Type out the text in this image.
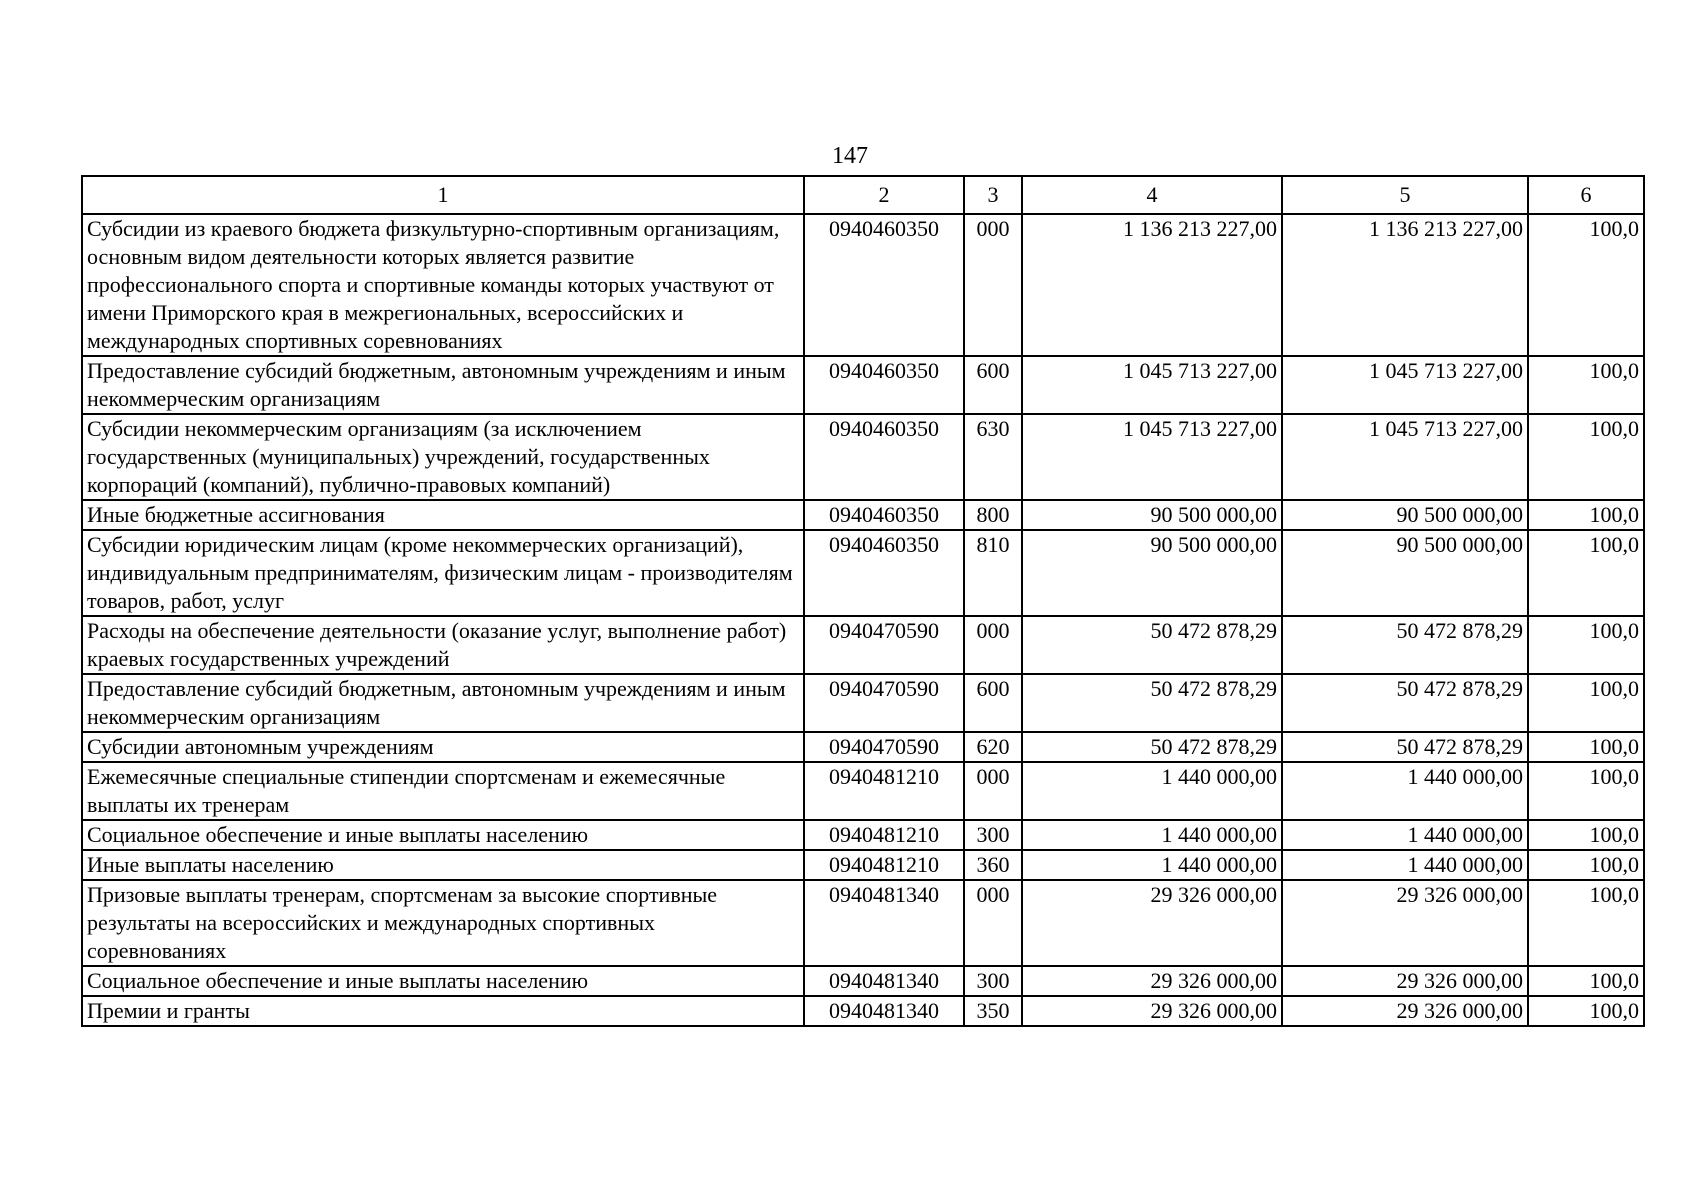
147
1	2	3	4	5	6
Субсидии из краевого бюджета физкультурно-спортивным организациям, основным видом деятельности которых является развитие профессионального спорта и спортивные команды которых участвуют от имени Приморского края в межрегиональных, всероссийских и международных спортивных соревнованиях	0940460350	000	1 136 213 227,00	1 136 213 227,00	100,0
Предоставление субсидий бюджетным, автономным учреждениям и иным некоммерческим организациям	0940460350	600	1 045 713 227,00	1 045 713 227,00	100,0
Субсидии некоммерческим организациям (за исключением государственных (муниципальных) учреждений, государственных корпораций (компаний), публично-правовых компаний)	0940460350	630	1 045 713 227,00	1 045 713 227,00	100,0
Иные бюджетные ассигнования	0940460350	800	90 500 000,00	90 500 000,00	100,0
Субсидии юридическим лицам (кроме некоммерческих организаций), индивидуальным предпринимателям, физическим лицам - производителям товаров, работ, услуг	0940460350	810	90 500 000,00	90 500 000,00	100,0
Расходы на обеспечение деятельности (оказание услуг, выполнение работ) краевых государственных учреждений	0940470590	000	50 472 878,29	50 472 878,29	100,0
Предоставление субсидий бюджетным, автономным учреждениям и иным некоммерческим организациям	0940470590	600	50 472 878,29	50 472 878,29	100,0
Субсидии автономным учреждениям	0940470590	620	50 472 878,29	50 472 878,29	100,0
Ежемесячные специальные стипендии спортсменам и ежемесячные выплаты их тренерам	0940481210	000	1 440 000,00	1 440 000,00	100,0
Социальное обеспечение и иные выплаты населению	0940481210	300	1 440 000,00	1 440 000,00	100,0
Иные выплаты населению	0940481210	360	1 440 000,00	1 440 000,00	100,0
Призовые выплаты тренерам, спортсменам за высокие спортивные результаты на всероссийских и международных спортивных соревнованиях	0940481340	000	29 326 000,00	29 326 000,00	100,0
Социальное обеспечение и иные выплаты населению	0940481340	300	29 326 000,00	29 326 000,00	100,0
Премии и гранты	0940481340	350	29 326 000,00	29 326 000,00	100,0
